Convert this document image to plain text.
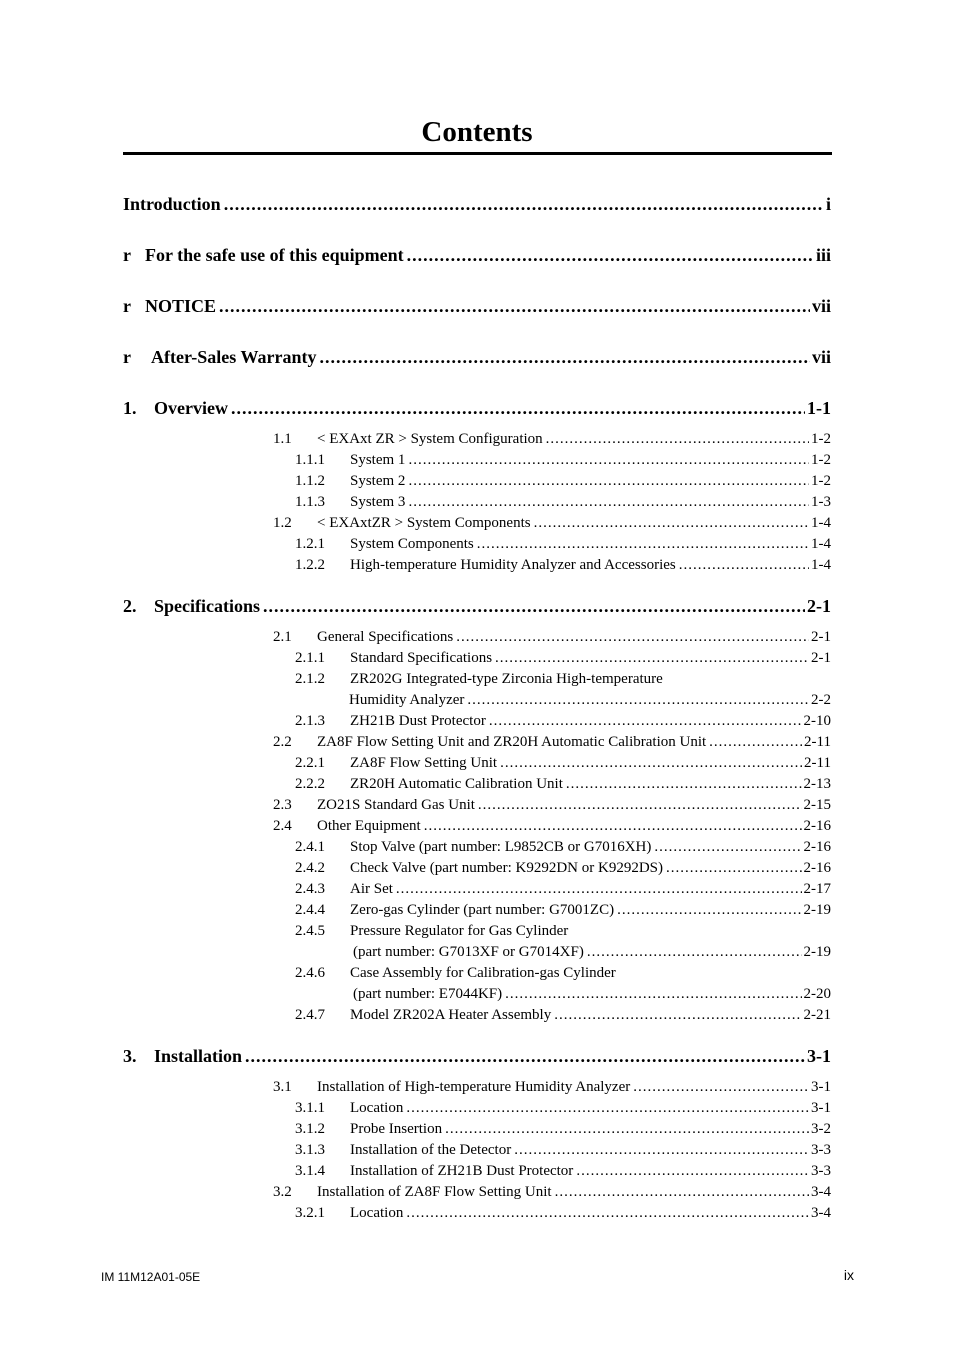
Contents
Introduction .....	i
r For the safe use of this equipment .....	iii
r NOTICE .....	vii
r	After-Sales Warranty .....	vii
1. Overview .....	1-1
1.1	< EXAxt ZR > System Configuration .....	1-2
1.1.1	System 1 .....	1-2
1.1.2	System 2 .....	1-2
1.1.3	System 3 .....	1-3
1.2	< EXAxtZR > System Components .....	1-4
1.2.1	System Components .....	1-4
1.2.2	High-temperature Humidity Analyzer and Accessories .....	1-4
2. Specifications .....	2-1
2.1	General Specifications .....	2-1
2.1.1	Standard Specifications .....	2-1
2.1.2	ZR202G Integrated-type Zirconia High-temperature
Humidity Analyzer .....	2-2
2.1.3	ZH21B Dust Protector .....	2-10
2.2	ZA8F Flow Setting Unit and ZR20H Automatic Calibration Unit .....	2-11
2.2.1	ZA8F Flow Setting Unit .....	2-11
2.2.2	ZR20H Automatic Calibration Unit .....	2-13
2.3	ZO21S Standard Gas Unit .....	2-15
2.4	Other Equipment .....	2-16
2.4.1	Stop Valve (part number: L9852CB or G7016XH) .....	2-16
2.4.2	Check Valve (part number: K9292DN or K9292DS) .....	2-16
2.4.3	Air Set .....	2-17
2.4.4	Zero-gas Cylinder (part number: G7001ZC) .....	2-19
2.4.5	Pressure Regulator for Gas Cylinder
(part number: G7013XF or G7014XF) .....	2-19
2.4.6	Case Assembly for Calibration-gas Cylinder
(part number: E7044KF) .....	2-20
2.4.7	Model ZR202A Heater Assembly .....	2-21
3. Installation .....	3-1
3.1	Installation of High-temperature Humidity Analyzer .....	3-1
3.1.1	Location .....	3-1
3.1.2	Probe Insertion .....	3-2
3.1.3	Installation of the Detector .....	3-3
3.1.4	Installation of ZH21B Dust Protector .....	3-3
3.2	Installation of ZA8F Flow Setting Unit .....	3-4
3.2.1	Location .....	3-4
IM 11M12A01-05E	ix
